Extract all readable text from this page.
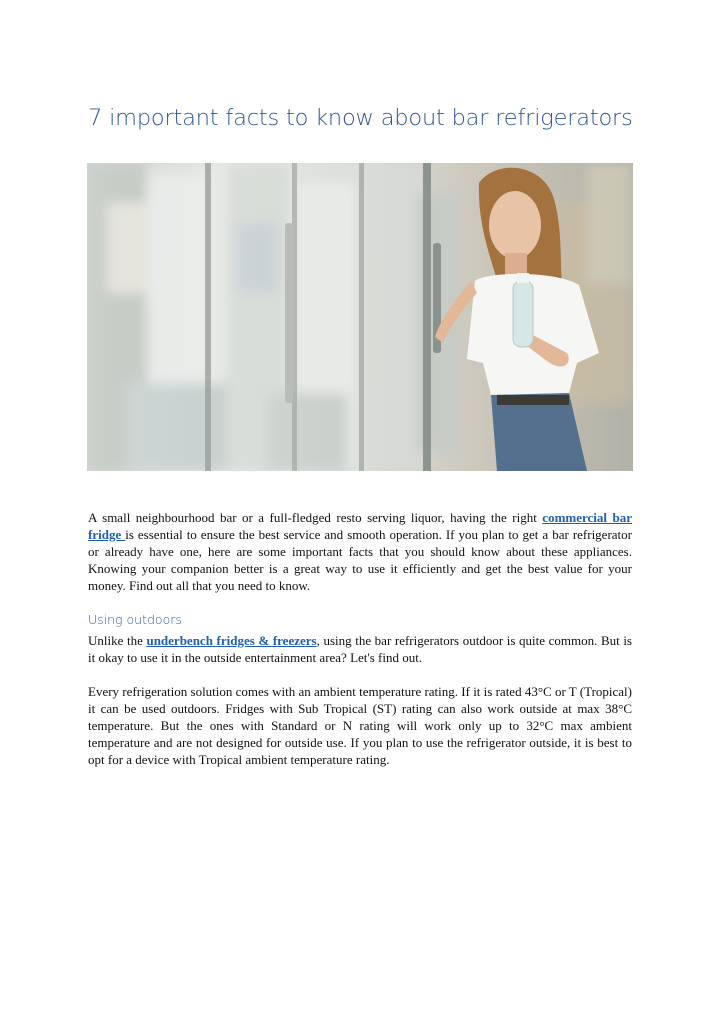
7 important facts to know about bar refrigerators

A small neighbourhood bar or a full-fledged resto serving liquor, having the right commercial bar fridge is essential to ensure the best service and smooth operation. If you plan to get a bar refrigerator or already have one, here are some important facts that you should know about these appliances. Knowing your companion better is a great way to use it efficiently and get the best value for your money. Find out all that you need to know.

Using outdoors

Unlike the underbench fridges & freezers, using the bar refrigerators outdoor is quite common. But is it okay to use it in the outside entertainment area? Let's find out.

Every refrigeration solution comes with an ambient temperature rating. If it is rated 43°C or T (Tropical) it can be used outdoors. Fridges with Sub Tropical (ST) rating can also work outside at max 38°C temperature. But the ones with Standard or N rating will work only up to 32°C max ambient temperature and are not designed for outside use. If you plan to use the refrigerator outside, it is best to opt for a device with Tropical ambient temperature rating.
